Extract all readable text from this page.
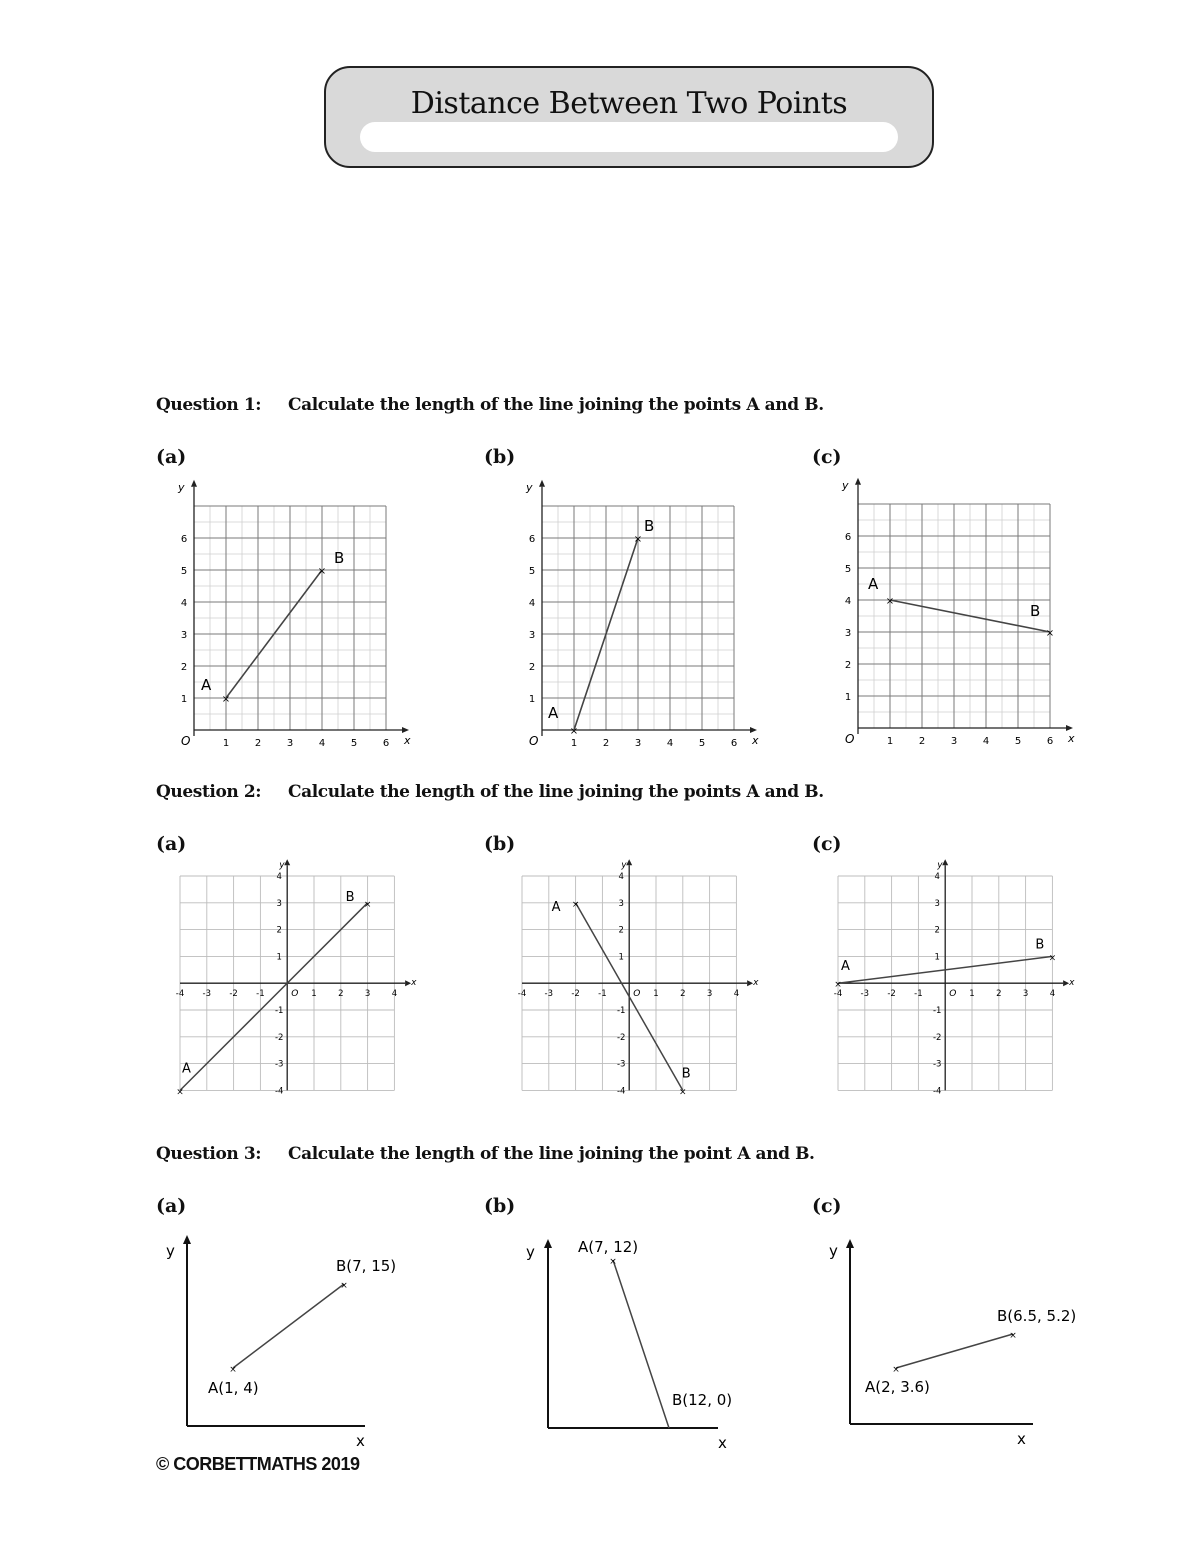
Distance Between Two Points
Question 1: Calculate the length of the line joining the points A and B.
(a)	(b)	(c)
1	2	3	4	5	6
1
2
3
4
5
6
O	x
y
×
×
A
B
1	2	3	4	5	6
1
2
3
4
5
6
O	x
y
×
×
A
B
1	2	3	4	5	6
1
2
3
4
5
6
O	x
y
×
×
A
B
Question 2: Calculate the length of the line joining the points A and B.
(a)	(b)	(c)
-4 -3 -2 -1	1	2	3	4
-4
-3
-2
-1
1
2
3
4
O
x
y
×
×
A
B
-4 -3 -2 -1	1	2	3	4
-4
-3
-2
-1
1
2
3
4
O
x
y
×
×
A
B
-4 -3 -2 -1	1	2	3	4
-4
-3
-2
-1
1
2
3
4
O
x
y
×
×
A
B
Question 3: Calculate the length of the line joining the point A and B.
(a)	(b)	(c)
y
x
×
×
A(1, 4)
B(7, 15)
y
x
×
A(7, 12)
B(12, 0)
y
x
×
×
A(2, 3.6)
B(6.5, 5.2)
© CORBETTMATHS 2019
